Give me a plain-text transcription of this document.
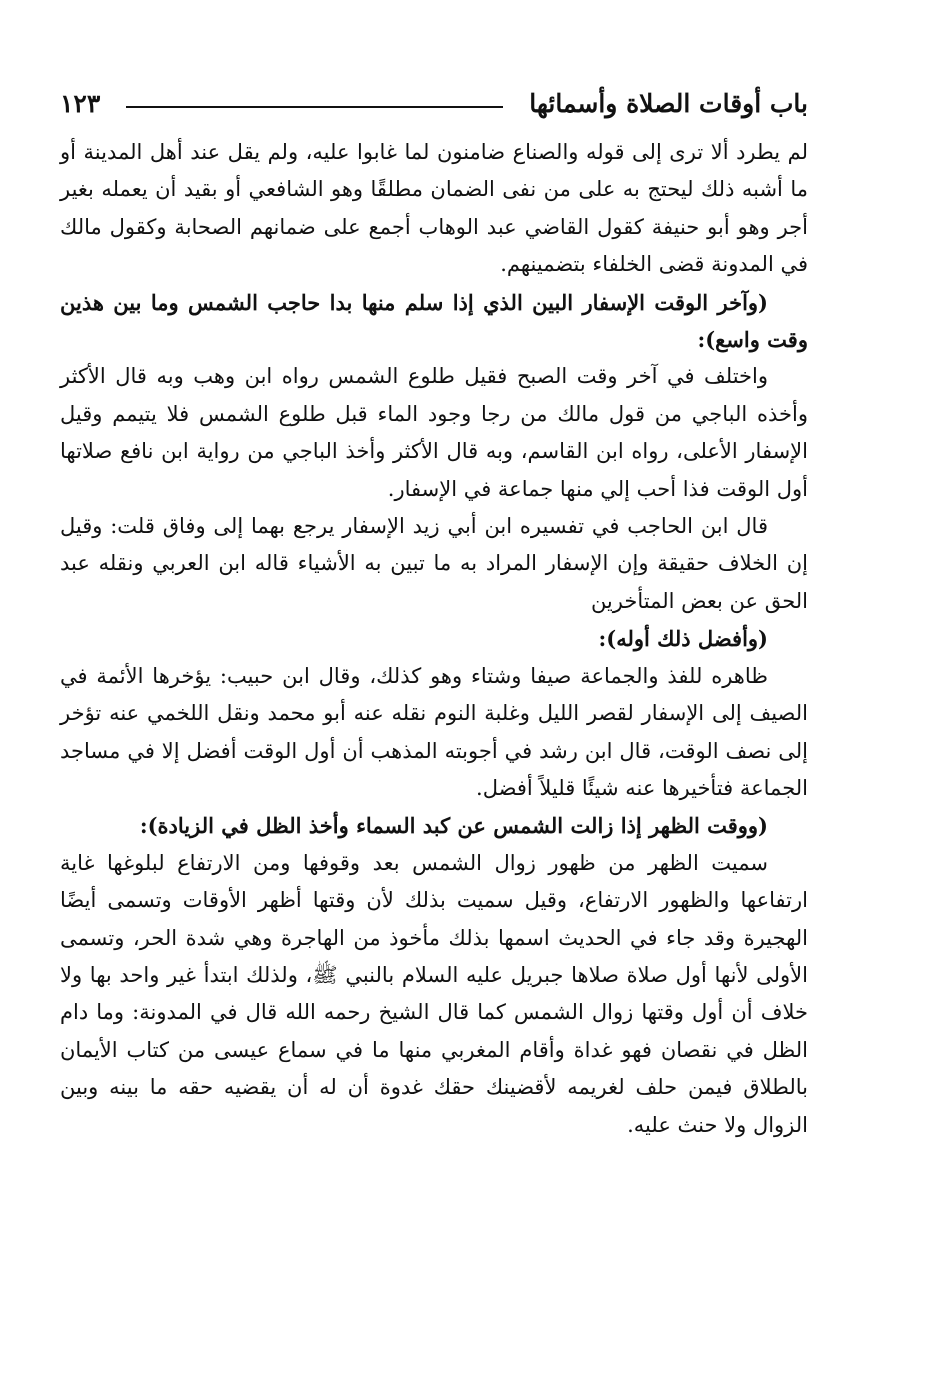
باب أوقات الصلاة وأسمائها
١٢٣

لم يطرد ألا ترى إلى قوله والصناع ضامنون لما غابوا عليه، ولم يقل عند أهل المدينة أو ما أشبه ذلك ليحتج به على من نفى الضمان مطلقًا وهو الشافعي أو بقيد أن يعمله بغير أجر وهو أبو حنيفة كقول القاضي عبد الوهاب أجمع على ضمانهم الصحابة وكقول مالك في المدونة قضى الخلفاء بتضمينهم.

(وآخر الوقت الإسفار البين الذي إذا سلم منها بدا حاجب الشمس وما بين هذين وقت واسع):

واختلف في آخر وقت الصبح فقيل طلوع الشمس رواه ابن وهب وبه قال الأكثر وأخذه الباجي من قول مالك من رجا وجود الماء قبل طلوع الشمس فلا يتيمم وقيل الإسفار الأعلى، رواه ابن القاسم، وبه قال الأكثر وأخذ الباجي من رواية ابن نافع صلاتها أول الوقت فذا أحب إلي منها جماعة في الإسفار.

قال ابن الحاجب في تفسيره ابن أبي زيد الإسفار يرجع بهما إلى وفاق قلت: وقيل إن الخلاف حقيقة وإن الإسفار المراد به ما تبين به الأشياء قاله ابن العربي ونقله عبد الحق عن بعض المتأخرين

(وأفضل ذلك أوله):

ظاهره للفذ والجماعة صيفا وشتاء وهو كذلك، وقال ابن حبيب: يؤخرها الأئمة في الصيف إلى الإسفار لقصر الليل وغلبة النوم نقله عنه أبو محمد ونقل اللخمي عنه تؤخر إلى نصف الوقت، قال ابن رشد في أجوبته المذهب أن أول الوقت أفضل إلا في مساجد الجماعة فتأخيرها عنه شيئًا قليلاً أفضل.

(ووقت الظهر إذا زالت الشمس عن كبد السماء وأخذ الظل في الزيادة):

سميت الظهر من ظهور زوال الشمس بعد وقوفها ومن الارتفاع لبلوغها غاية ارتفاعها والظهور الارتفاع، وقيل سميت بذلك لأن وقتها أظهر الأوقات وتسمى أيضًا الهجيرة وقد جاء في الحديث اسمها بذلك مأخوذ من الهاجرة وهي شدة الحر، وتسمى الأولى لأنها أول صلاة صلاها جبريل عليه السلام بالنبي ﷺ، ولذلك ابتدأ غير واحد بها ولا خلاف أن أول وقتها زوال الشمس كما قال الشيخ رحمه الله قال في المدونة: وما دام الظل في نقصان فهو غداة وأقام المغربي منها ما في سماع عيسى من كتاب الأيمان بالطلاق فيمن حلف لغريمه لأقضينك حقك غدوة أن له أن يقضيه حقه ما بينه وبين الزوال ولا حنث عليه.
